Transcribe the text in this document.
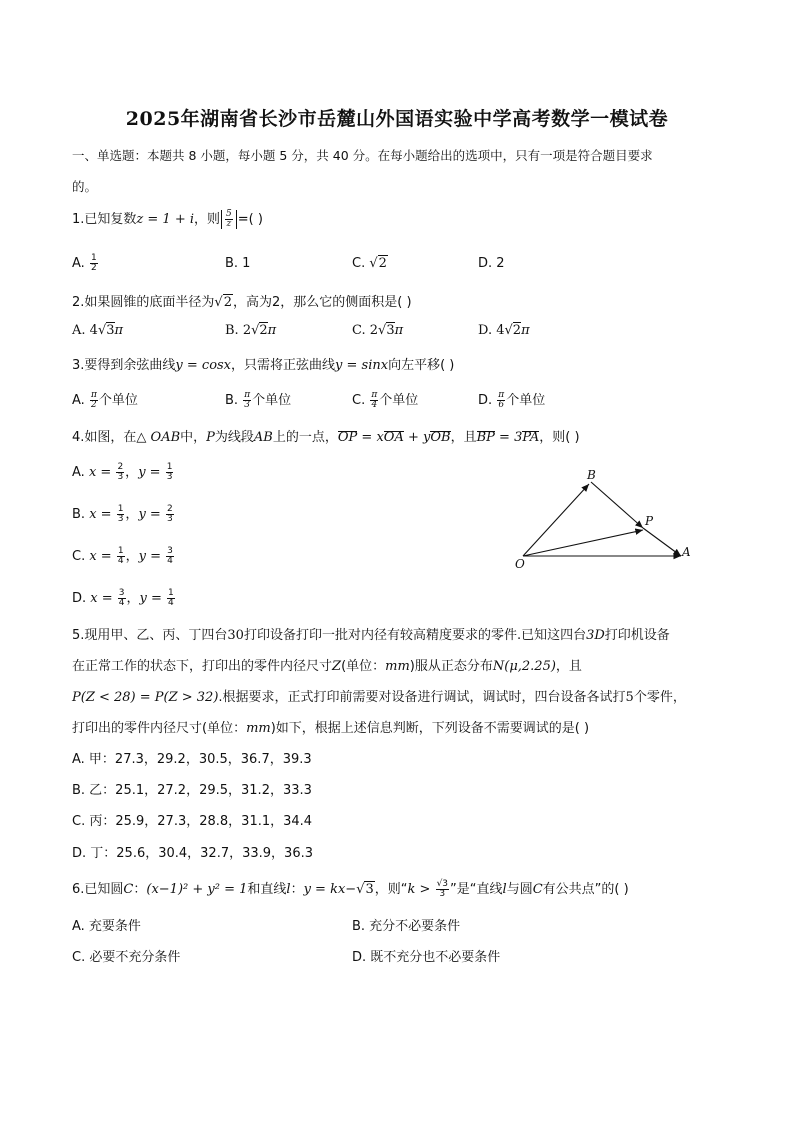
2025年湖南省长沙市岳麓山外国语实验中学高考数学一模试卷
一、单选题：本题共 8 小题，每小题 5 分，共 40 分。在每小题给出的选项中，只有一项是符合题目要求
的。
1.已知复数z = 1 + i，则 $\frac{5}{z}$ =( )
A. $\frac{1}{2}$	B. 1	C. √2	D. 2
2.如果圆锥的底面半径为√2，高为2，那么它的侧面积是( )
A. 4√3π	B. 2√2π	C. 2√3π	D. 4√2π
3.要得到余弦曲线y = cosx，只需将正弦曲线y = sinx向左平移( )
A. $\frac{\pi}{2}$ 个单位	B. $\frac{\pi}{3}$ 个单位	C. $\frac{\pi}{4}$ 个单位	D. $\frac{\pi}{6}$ 个单位
4.如图，在△ OAB中，P为线段AB上的一点，OP = xOA + yOB，且BP = 3PA，则( )
A. $x = \frac{2}{3}$ ，$y = \frac{1}{3}$
B. $x = \frac{1}{3}$ ，$y = \frac{2}{3}$
C. $x = \frac{1}{4}$ ，$y = \frac{3}{4}$
D. $x = \frac{3}{4}$ ，$y = \frac{1}{4}$
B
P
O
A
5.现用甲、乙、丙、丁四台30打印设备打印一批对内径有较高精度要求的零件.已知这四台3D打印机设备
在正常工作的状态下，打印出的零件内径尺寸Z(单位：mm)服从正态分布N(μ,2.25)，且
P(Z < 28) = P(Z > 32).根据要求，正式打印前需要对设备进行调试，调试时，四台设备各试打5个零件，
打印出的零件内径尺寸(单位：mm)如下，根据上述信息判断，下列设备不需要调试的是( )
A. 甲：27.3，29.2，30.5，36.7，39.3
B. 乙：25.1，27.2，29.5，31.2，33.3
C. 丙：25.9，27.3，28.8，31.1，34.4
D. 丁：25.6，30.4，32.7，33.9，36.3
6.已知圆C：(x−1)² + y² = 1和直线l：y = kx−√3，则“$k > \frac{√3}{3}$ ”是“直线l与圆C有公共点”的( )
A. 充要条件	B. 充分不必要条件
C. 必要不充分条件	D. 既不充分也不必要条件
